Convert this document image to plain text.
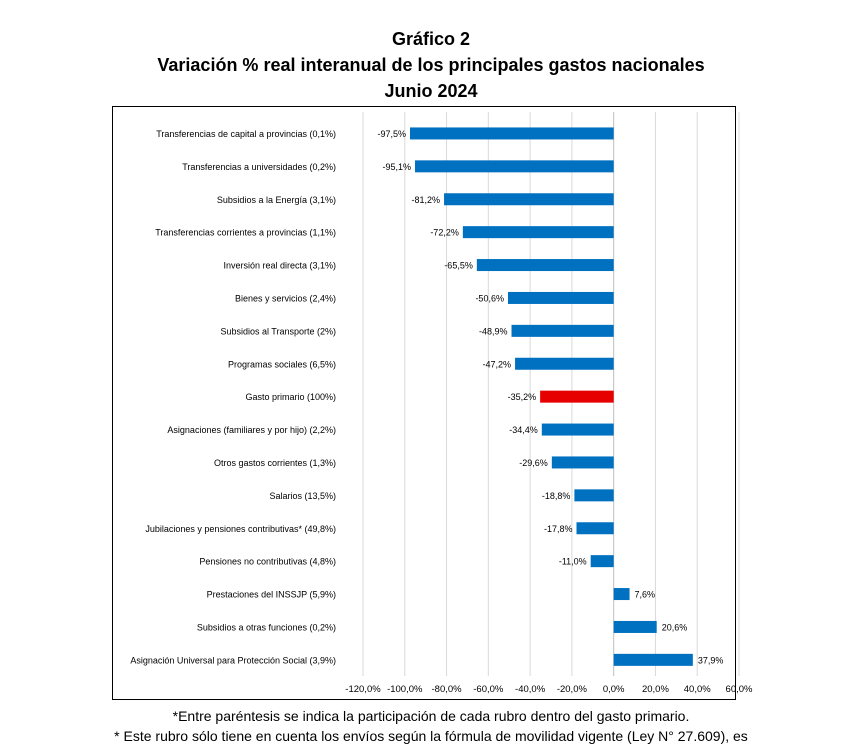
Gráfico 2
Variación % real interanual de los principales gastos nacionales
Junio 2024
-120,0% -100,0% -80,0% -60,0% -40,0% -20,0% 0,0% 20,0% 40,0% 60,0%
Transferencias de capital a provincias (0,1%)	-97,5%
Transferencias a universidades (0,2%)	-95,1%
Subsidios a la Energía (3,1%)	-81,2%
Transferencias corrientes a provincias (1,1%)	-72,2%
Inversión real directa (3,1%)	-65,5%
Bienes y servicios (2,4%)	-50,6%
Subsidios al Transporte (2%)	-48,9%
Programas sociales (6,5%)	-47,2%
Gasto primario (100%)	-35,2%
Asignaciones (familiares y por hijo) (2,2%)	-34,4%
Otros gastos corrientes (1,3%)	-29,6%
Salarios (13,5%)	-18,8%
Jubilaciones y pensiones contributivas* (49,8%)	-17,8%
Pensiones no contributivas (4,8%)	-11,0%
Prestaciones del INSSJP (5,9%)	7,6%
Subsidios a otras funciones (0,2%)	20,6%
Asignación Universal para Protección Social (3,9%)	37,9%
*Entre paréntesis se indica la participación de cada rubro dentro del gasto primario.
* Este rubro sólo tiene en cuenta los envíos según la fórmula de movilidad vigente (Ley N° 27.609), es
